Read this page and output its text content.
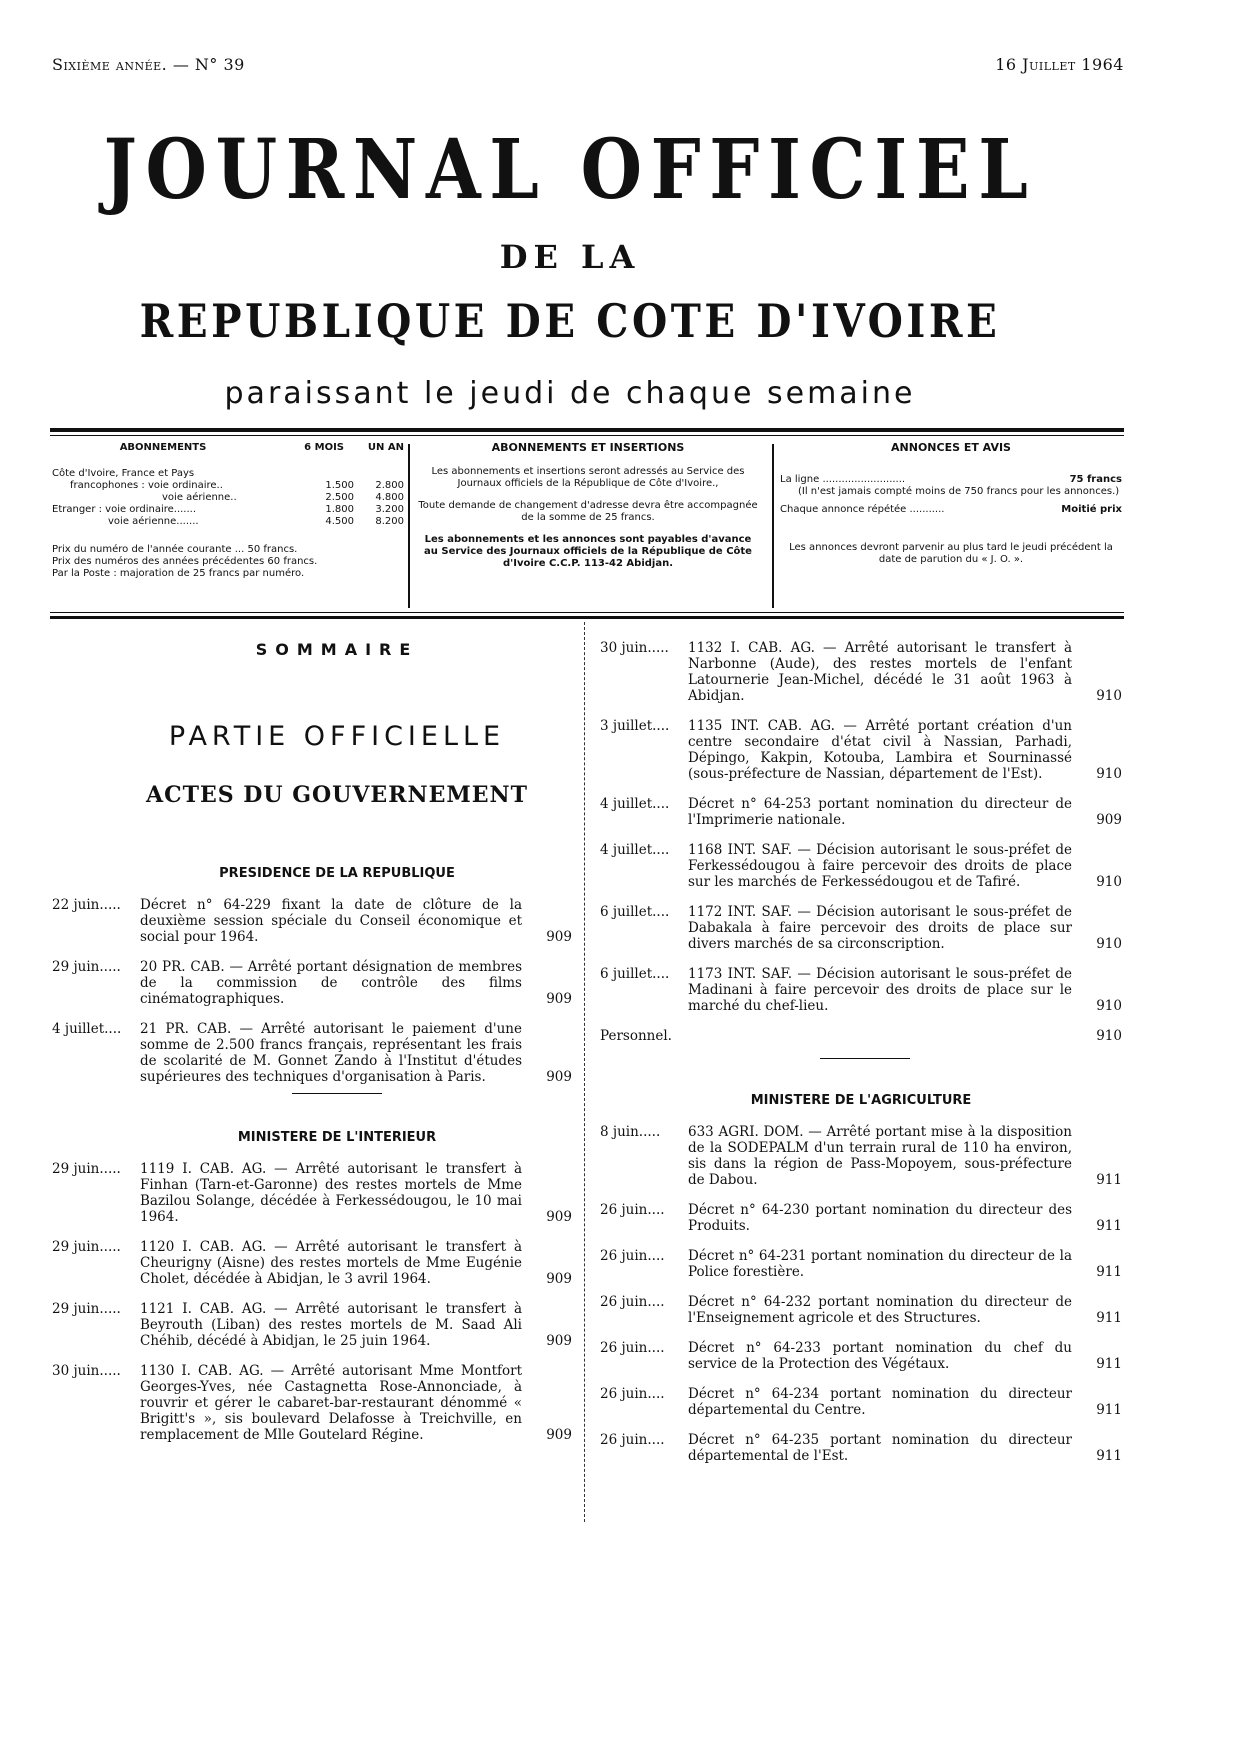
Sixième année. — N° 39	16 Juillet 1964
JOURNAL OFFICIEL
DE LA
REPUBLIQUE DE COTE D'IVOIRE
paraissant le jeudi de chaque semaine
ABONNEMENTS	6 MOIS	UN AN
Côte d'Ivoire, France et Pays
francophones : voie ordinaire..	1.500	2.800
voie aérienne..	2.500	4.800
Etranger : voie ordinaire.......	1.800	3.200
voie aérienne.......	4.500	8.200
Prix du numéro de l'année courante ... 50 francs.
Prix des numéros des années précédentes 60 francs.
Par la Poste : majoration de 25 francs par numéro.
ABONNEMENTS ET INSERTIONS
Les abonnements et insertions seront adressés au Service des Journaux officiels de la République de Côte d'Ivoire.,
Toute demande de changement d'adresse devra être accompagnée de la somme de 25 francs.
Les abonnements et les annonces sont payables d'avance au Service des Journaux officiels de la République de Côte d'Ivoire C.C.P. 113-42 Abidjan.
ANNONCES ET AVIS
La ligne ..........................	75 francs
(Il n'est jamais compté moins de 750 francs pour les annonces.)
Chaque annonce répétée ...........	Moitié prix
Les annonces devront parvenir au plus tard le jeudi précédent la date de parution du « J. O. ».
SOMMAIRE
PARTIE OFFICIELLE
ACTES DU GOUVERNEMENT
PRESIDENCE DE LA REPUBLIQUE
22 juin.....	Décret n° 64-229 fixant la date de clôture de la deuxième session spéciale du Conseil économique et social pour 1964.	909
29 juin.....	20 PR. CAB. — Arrêté portant désignation de membres de la commission de contrôle des films cinématographiques.	909
4 juillet....	21 PR. CAB. — Arrêté autorisant le paiement d'une somme de 2.500 francs français, représentant les frais de scolarité de M. Gonnet Zando à l'Institut d'études supérieures des techniques d'organisation à Paris.	909
MINISTERE DE L'INTERIEUR
29 juin.....	1119 I. CAB. AG. — Arrêté autorisant le transfert à Finhan (Tarn-et-Garonne) des restes mortels de Mme Bazilou Solange, décédée à Ferkessédougou, le 10 mai 1964.	909
29 juin.....	1120 I. CAB. AG. — Arrêté autorisant le transfert à Cheurigny (Aisne) des restes mortels de Mme Eugénie Cholet, décédée à Abidjan, le 3 avril 1964.	909
29 juin.....	1121 I. CAB. AG. — Arrêté autorisant le transfert à Beyrouth (Liban) des restes mortels de M. Saad Ali Chéhib, décédé à Abidjan, le 25 juin 1964.	909
30 juin.....	1130 I. CAB. AG. — Arrêté autorisant Mme Montfort Georges-Yves, née Castagnetta Rose-Annonciade, à rouvrir et gérer le cabaret-bar-restaurant dénommé « Brigitt's », sis boulevard Delafosse à Treichville, en remplacement de Mlle Goutelard Régine.	909
30 juin.....	1132 I. CAB. AG. — Arrêté autorisant le transfert à Narbonne (Aude), des restes mortels de l'enfant Latournerie Jean-Michel, décédé le 31 août 1963 à Abidjan.	910
3 juillet....	1135 INT. CAB. AG. — Arrêté portant création d'un centre secondaire d'état civil à Nassian, Parhadi, Dépingo, Kakpin, Kotouba, Lambira et Sourninassé (sous-préfecture de Nassian, département de l'Est).	910
4 juillet....	Décret n° 64-253 portant nomination du directeur de l'Imprimerie nationale.	909
4 juillet....	1168 INT. SAF. — Décision autorisant le sous-préfet de Ferkessédougou à faire percevoir des droits de place sur les marchés de Ferkessédougou et de Tafiré.	910
6 juillet....	1172 INT. SAF. — Décision autorisant le sous-préfet de Dabakala à faire percevoir des droits de place sur divers marchés de sa circonscription.	910
6 juillet....	1173 INT. SAF. — Décision autorisant le sous-préfet de Madinani à faire percevoir des droits de place sur le marché du chef-lieu.	910
Personnel.	910
MINISTERE DE L'AGRICULTURE
8 juin.....	633 AGRI. DOM. — Arrêté portant mise à la disposition de la SODEPALM d'un terrain rural de 110 ha environ, sis dans la région de Pass-Mopoyem, sous-préfecture de Dabou.	911
26 juin....	Décret n° 64-230 portant nomination du directeur des Produits.	911
26 juin....	Décret n° 64-231 portant nomination du directeur de la Police forestière.	911
26 juin....	Décret n° 64-232 portant nomination du directeur de l'Enseignement agricole et des Structures.	911
26 juin....	Décret n° 64-233 portant nomination du chef du service de la Protection des Végétaux.	911
26 juin....	Décret n° 64-234 portant nomination du directeur départemental du Centre.	911
26 juin....	Décret n° 64-235 portant nomination du directeur départemental de l'Est.	911
